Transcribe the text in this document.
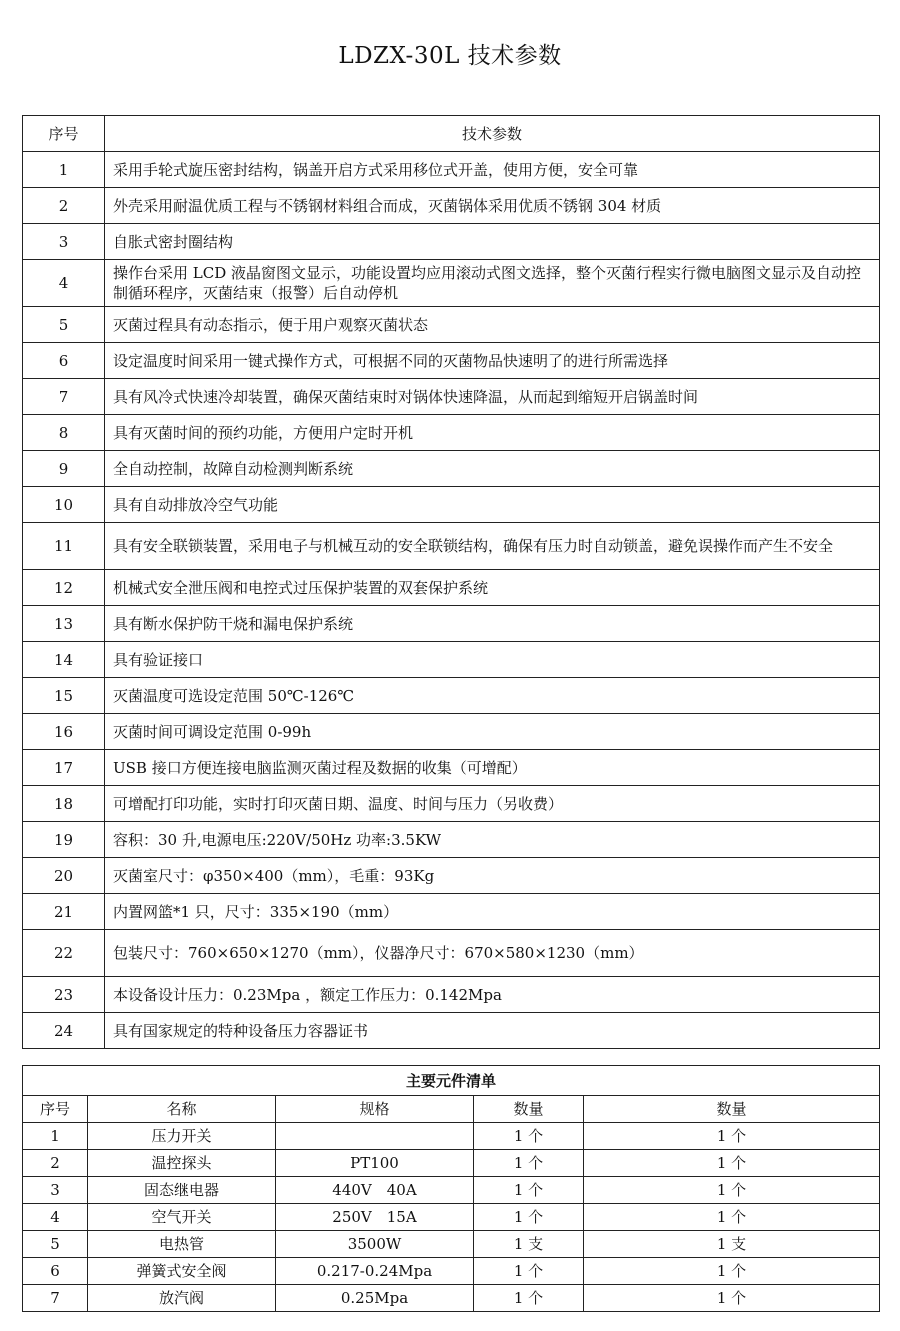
LDZX-30L 技术参数
序号	技术参数
1	采用手轮式旋压密封结构，锅盖开启方式采用移位式开盖，使用方便，安全可靠
2	外壳采用耐温优质工程与不锈钢材料组合而成，灭菌锅体采用优质不锈钢 304 材质
3	自胀式密封圈结构
4	操作台采用 LCD 液晶窗图文显示，功能设置均应用滚动式图文选择，整个灭菌行程实行微电脑图文显示及自动控制循环程序，灭菌结束（报警）后自动停机
5	灭菌过程具有动态指示，便于用户观察灭菌状态
6	设定温度时间采用一键式操作方式，可根据不同的灭菌物品快速明了的进行所需选择
7	具有风冷式快速冷却装置，确保灭菌结束时对锅体快速降温，从而起到缩短开启锅盖时间
8	具有灭菌时间的预约功能，方便用户定时开机
9	全自动控制，故障自动检测判断系统
10	具有自动排放冷空气功能
11	具有安全联锁装置，采用电子与机械互动的安全联锁结构，确保有压力时自动锁盖，避免误操作而产生不安全
12	机械式安全泄压阀和电控式过压保护装置的双套保护系统
13	具有断水保护防干烧和漏电保护系统
14	具有验证接口
15	灭菌温度可选设定范围 50℃-126℃
16	灭菌时间可调设定范围 0-99h
17	USB 接口方便连接电脑监测灭菌过程及数据的收集（可增配）
18	可增配打印功能，实时打印灭菌日期、温度、时间与压力（另收费）
19	容积：30 升,电源电压:220V/50Hz 功率:3.5KW
20	灭菌室尺寸：φ350×400（mm），毛重：93Kg
21	内置网篮*1 只，尺寸：335×190（mm）
22	包装尺寸：760×650×1270（mm），仪器净尺寸：670×580×1230（mm）
23	本设备设计压力：0.23Mpa ，额定工作压力：0.142Mpa
24	具有国家规定的特种设备压力容器证书
主要元件清单				
序号	名称	规格	数量	数量
1	压力开关		1 个	1 个
2	温控探头	PT100	1 个	1 个
3	固态继电器	440V　40A	1 个	1 个
4	空气开关	250V　15A	1 个	1 个
5	电热管	3500W	1 支	1 支
6	弹簧式安全阀	0.217-0.24Mpa	1 个	1 个
7	放汽阀	0.25Mpa	1 个	1 个
